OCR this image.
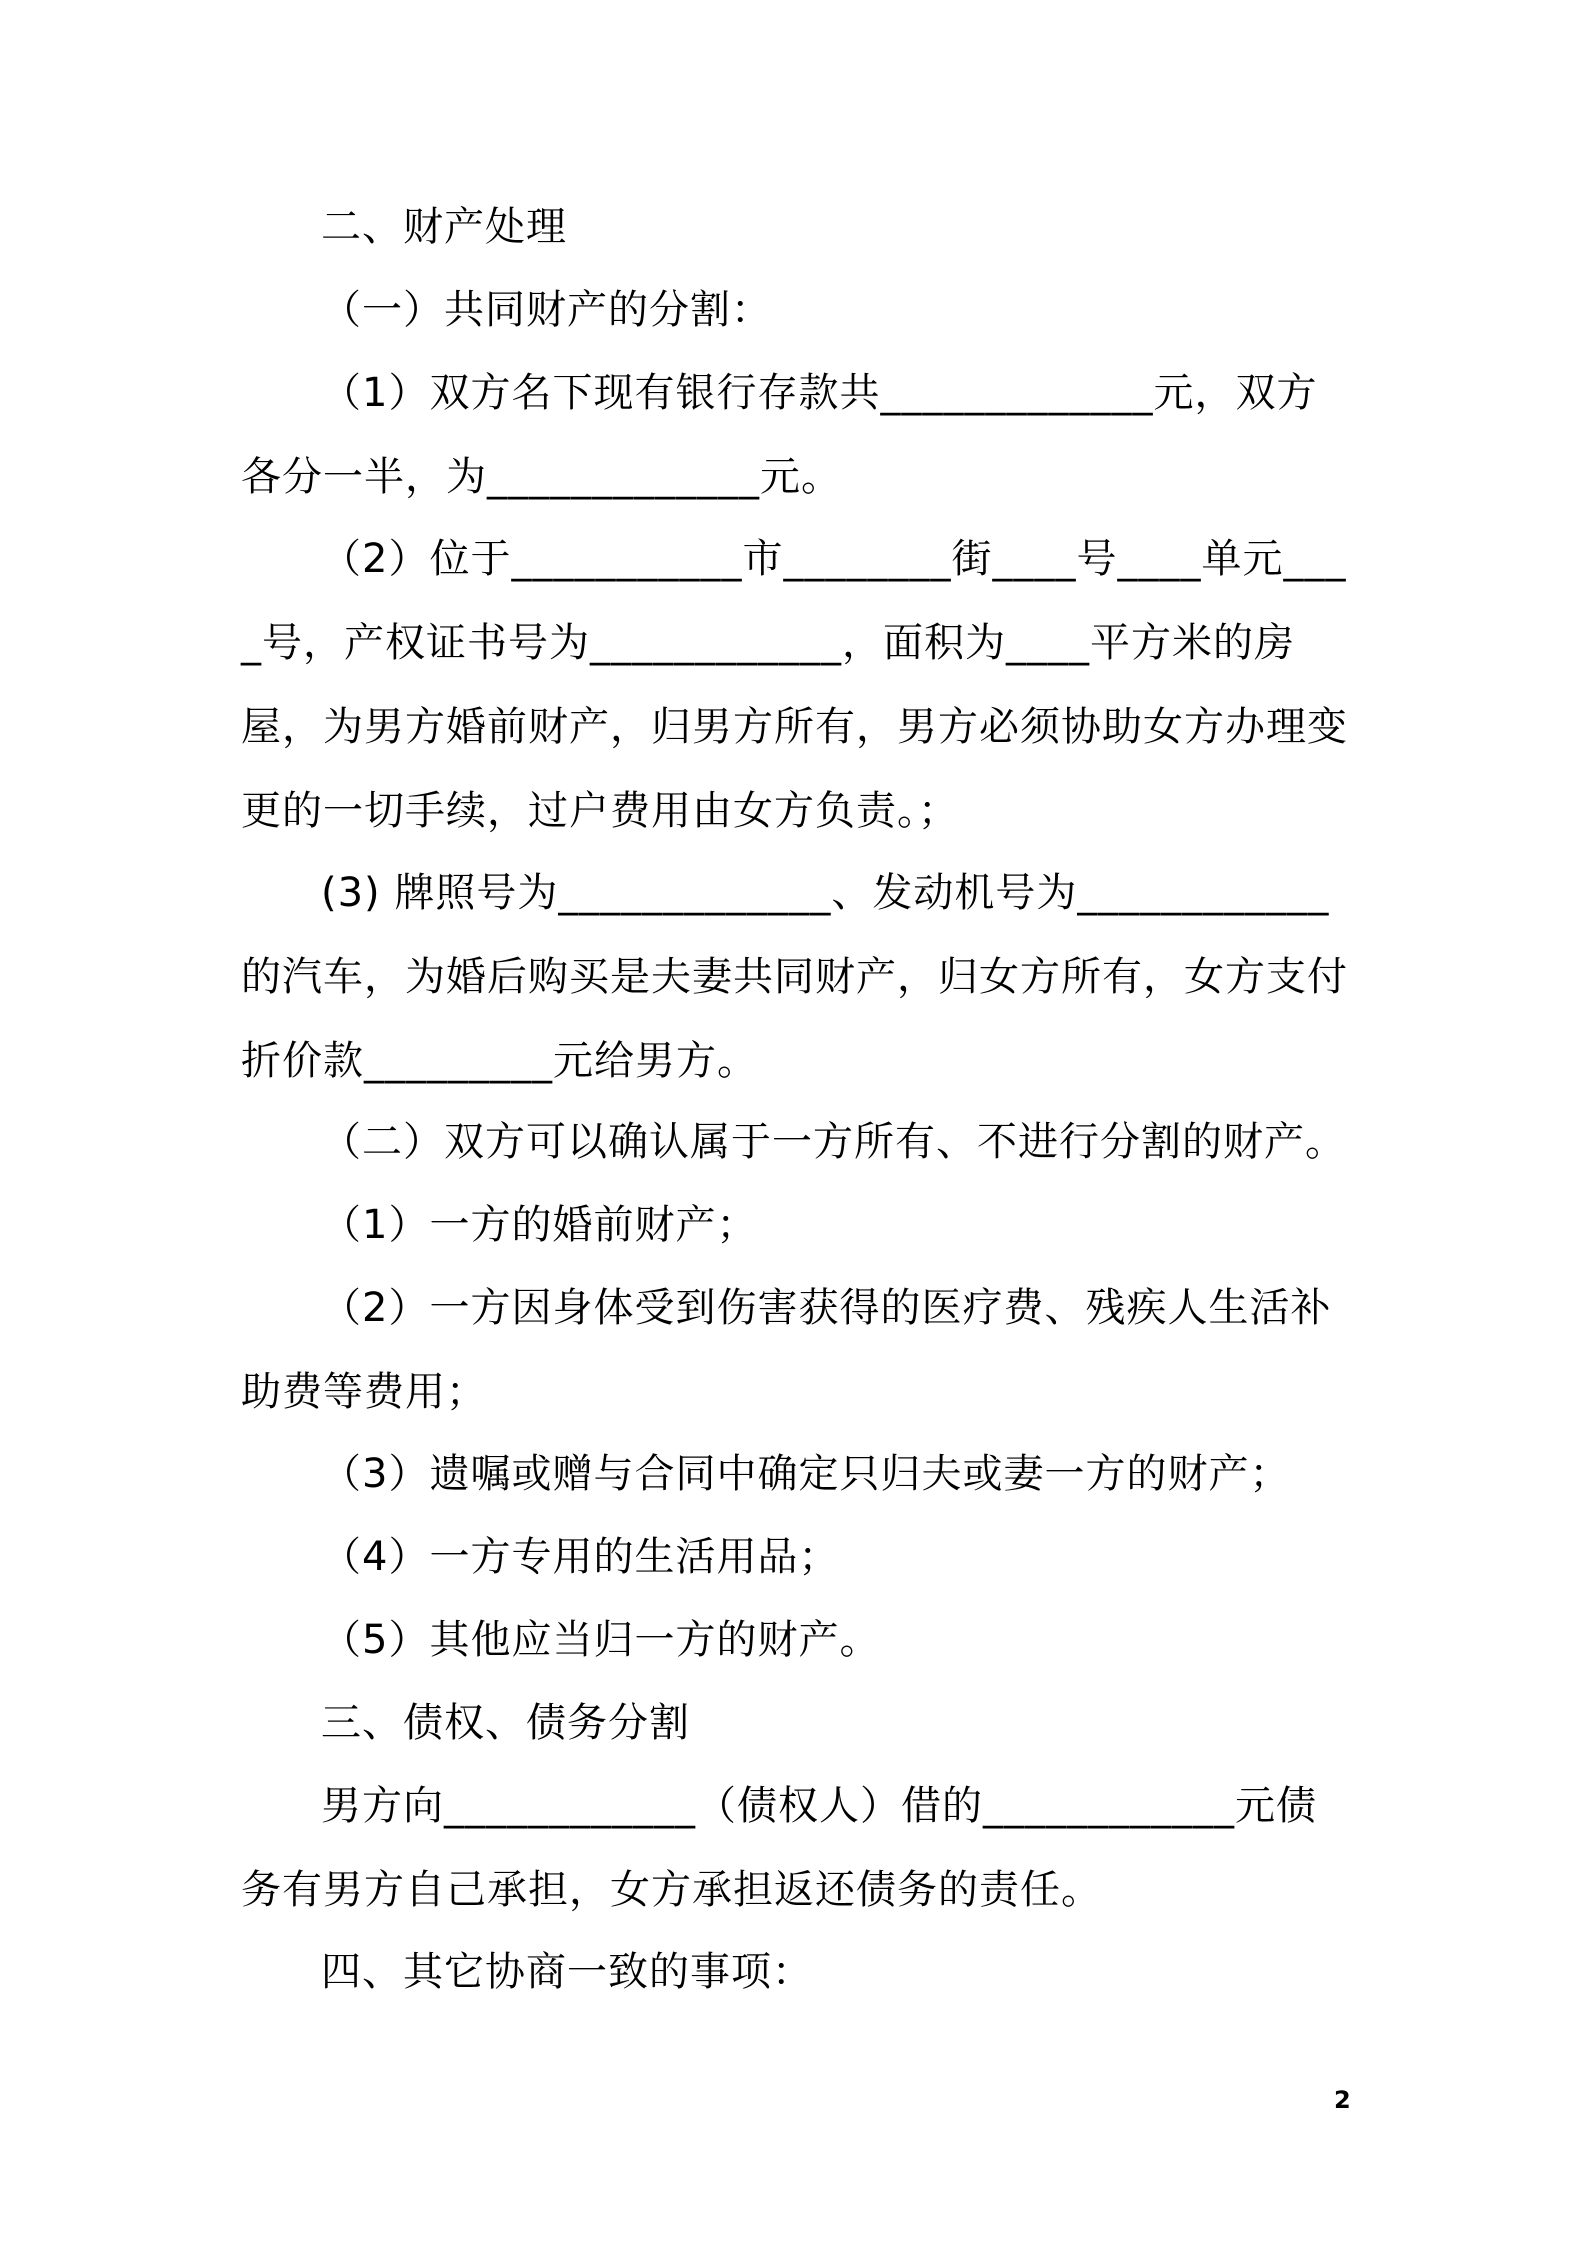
二、财产处理

（一）共同财产的分割：

（1）双方名下现有银行存款共_____________元，双方各分一半，为_____________元。

（2）位于___________市________街____号____单元____号，产权证书号为____________，面积为____平方米的房屋，为男方婚前财产，归男方所有，男方必须协助女方办理变更的一切手续，过户费用由女方负责。；

(3) 牌照号为_____________、发动机号为____________的汽车，为婚后购买是夫妻共同财产，归女方所有，女方支付折价款_________元给男方。

（二）双方可以确认属于一方所有、不进行分割的财产。

（1）一方的婚前财产；

（2）一方因身体受到伤害获得的医疗费、残疾人生活补助费等费用；

（3）遗嘱或赠与合同中确定只归夫或妻一方的财产；

（4）一方专用的生活用品；

（5）其他应当归一方的财产。

三、债权、债务分割

男方向____________（债权人）借的____________元债务有男方自己承担，女方承担返还债务的责任。

四、其它协商一致的事项：

2
